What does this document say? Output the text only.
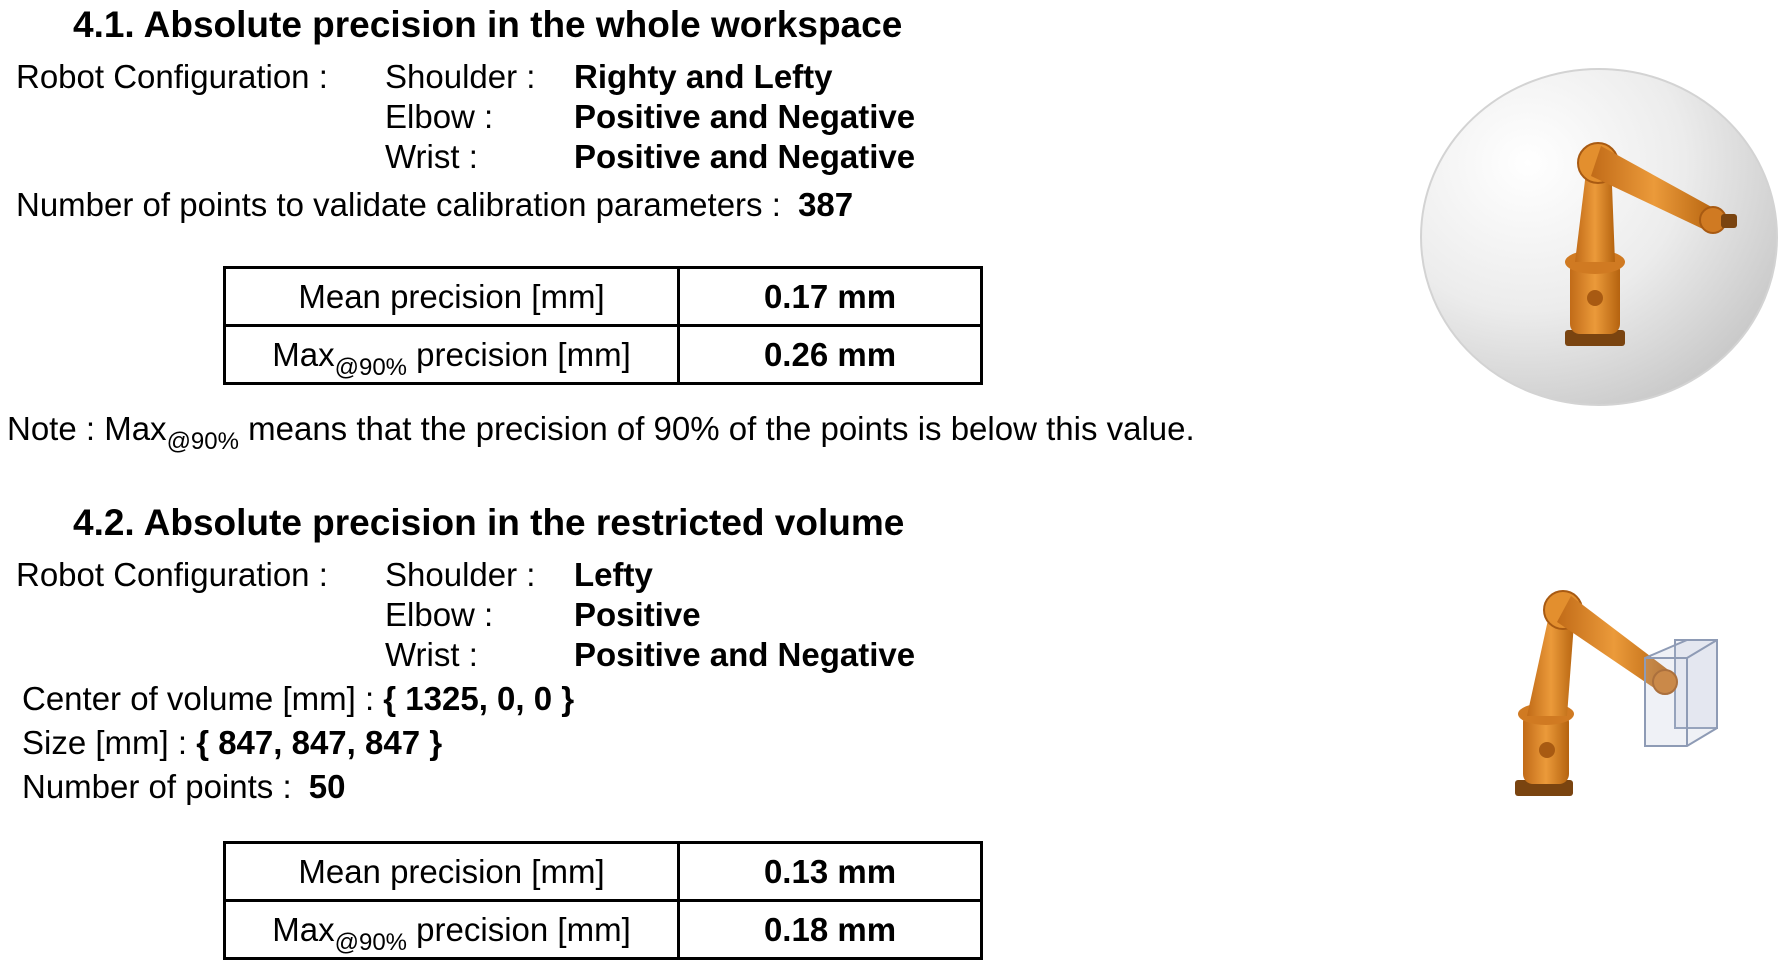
4.1. Absolute precision in the whole workspace
Robot Configuration : Shoulder : Righty and Lefty
Elbow : Positive and Negative
Wrist :	Positive and Negative
Number of points to validate calibration parameters : 387
Mean precision [mm]	0.17 mm
Max$_{@90\%}$ precision [mm]	0.26 mm
Note : Max$_{@90\%}$ means that the precision of 90% of the points is below this value.
4.2. Absolute precision in the restricted volume
Robot Configuration : Shoulder : Lefty
Elbow : Positive
Wrist :	Positive and Negative
Center of volume [mm] : { 1325, 0, 0 }
Size [mm] : { 847, 847, 847 }
Number of points : 50
Mean precision [mm]	0.13 mm
Max$_{@90\%}$ precision [mm]	0.18 mm
